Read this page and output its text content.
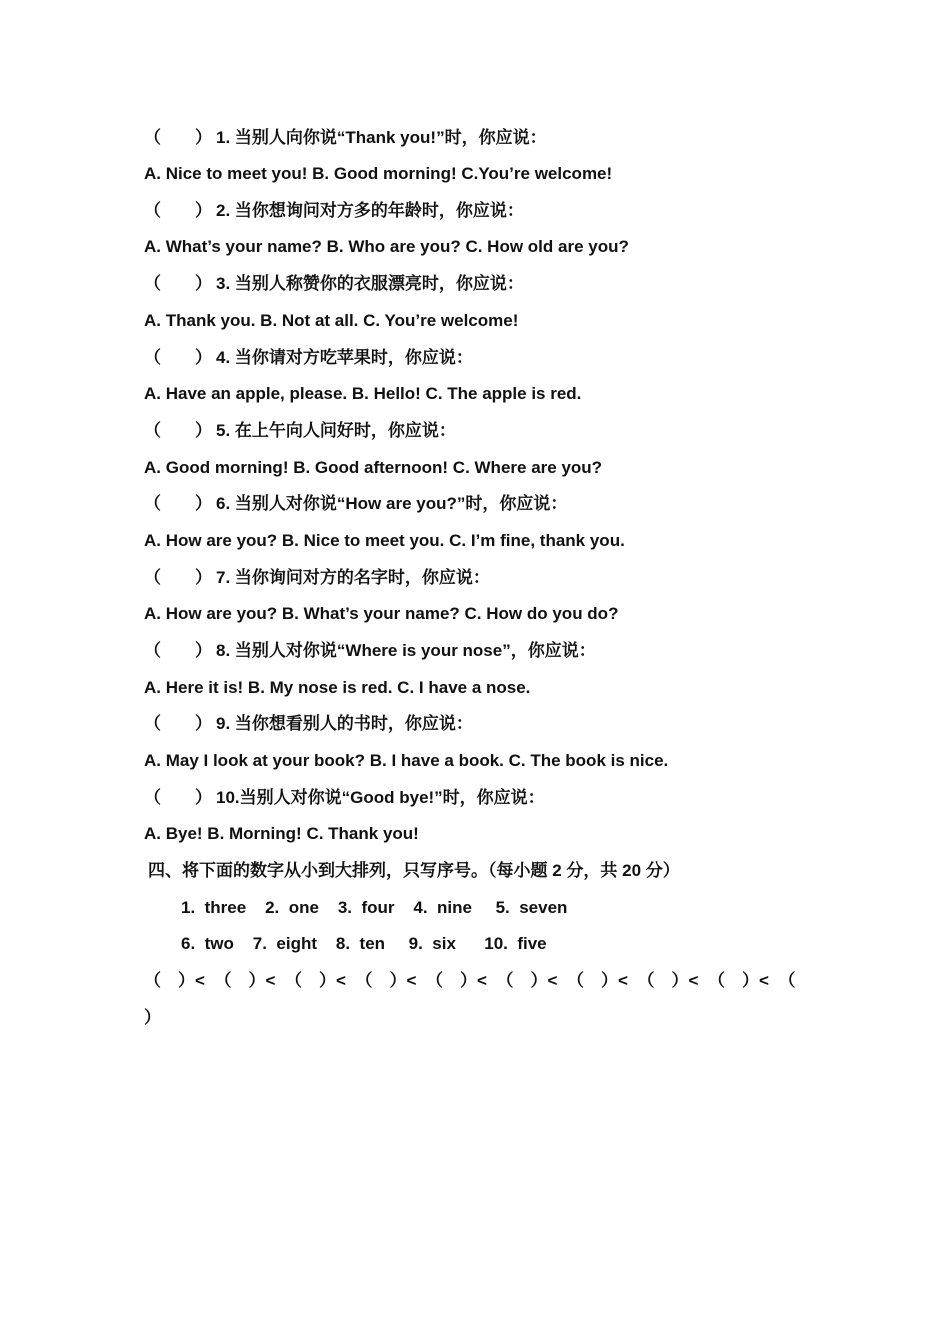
（　　） 1. 当别人向你说“Thank you!”时，你应说：
A. Nice to meet you! B. Good morning! C.You’re welcome!
（　　） 2. 当你想询问对方多的年龄时，你应说：
A. What’s your name? B. Who are you? C. How old are you?
（　　） 3. 当别人称赞你的衣服漂亮时，你应说：
A. Thank you. B. Not at all. C. You’re welcome!
（　　） 4. 当你请对方吃苹果时，你应说：
A. Have an apple, please. B. Hello! C. The apple is red.
（　　） 5. 在上午向人问好时，你应说：
A. Good morning! B. Good afternoon! C. Where are you?
（　　） 6. 当别人对你说“How are you?”时，你应说：
A. How are you? B. Nice to meet you. C. I’m fine, thank you.
（　　） 7. 当你询问对方的名字时，你应说：
A. How are you? B. What’s your name? C. How do you do?
（　　） 8. 当别人对你说“Where is your nose”，你应说：
A. Here it is! B. My nose is red. C. I have a nose.
（　　） 9. 当你想看别人的书时，你应说：
A. May I look at your book? B. I have a book. C. The book is nice.
（　　） 10.当别人对你说“Good bye!”时，你应说：
A. Bye! B. Morning! C. Thank you!
四、将下面的数字从小到大排列，只写序号。（每小题 2 分，共 20 分）
1.  three    2.  one    3.  four    4.  nine     5.  seven
6.  two    7.  eight    8.  ten     9.  six      10.  five
（　）< （　）< （　）< （　）< （　）< （　）< （　）< （　）< （　）< （
）
